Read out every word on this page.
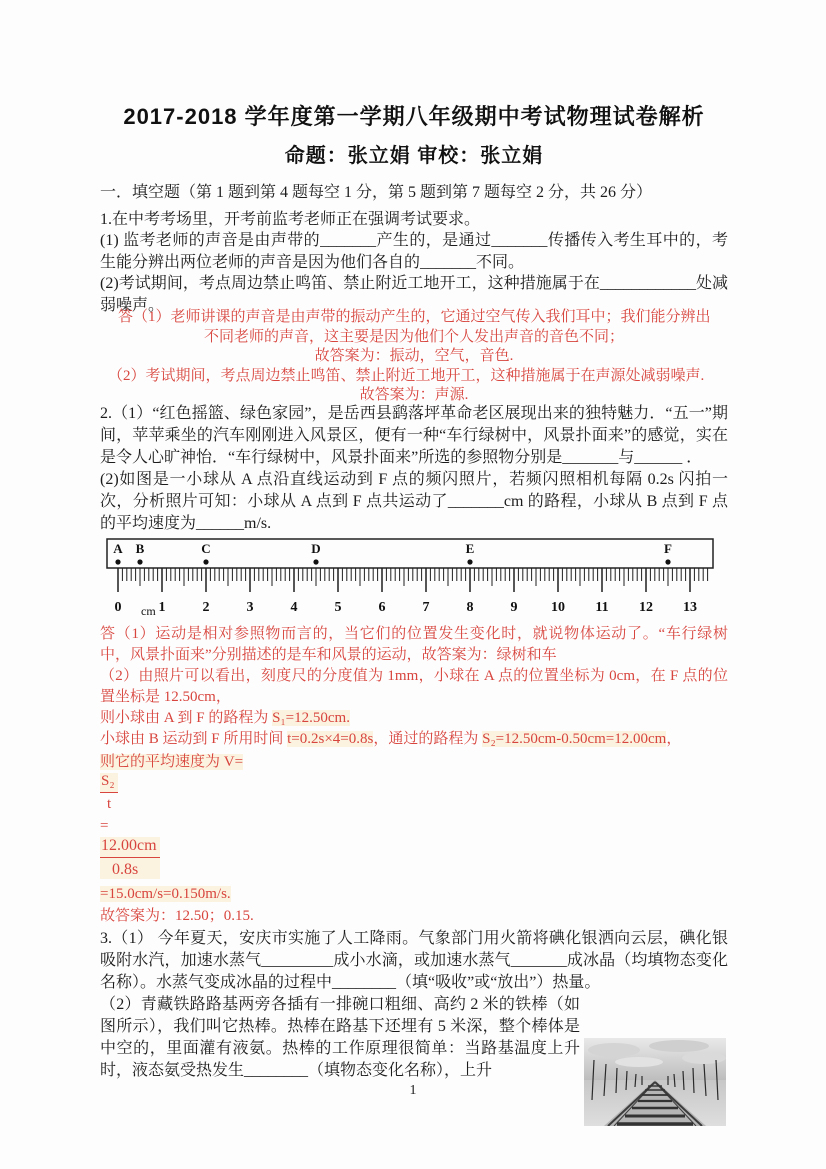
2017-2018 学年度第一学期八年级期中考试物理试卷解析
命题：张立娟 审校：张立娟
一．填空题（第 1 题到第 4 题每空 1 分，第 5 题到第 7 题每空 2 分，共 26 分）
1.在中考考场里，开考前监考老师正在强调考试要求。
(1) 监考老师的声音是由声带的_______产生的，是通过_______传播传入考生耳中的，考生能分辨出两位老师的声音是因为他们各自的_______不同。
(2)考试期间，考点周边禁止鸣笛、禁止附近工地开工，这种措施属于在____________处减弱噪声。
答（1）老师讲课的声音是由声带的振动产生的，它通过空气传入我们耳中；我们能分辨出
不同老师的声音，这主要是因为他们个人发出声音的音色不同；
故答案为：振动，空气，音色.
（2）考试期间，考点周边禁止鸣笛、禁止附近工地开工，这种措施属于在声源处减弱噪声.
故答案为：声源.
2.（1）“红色摇篮、绿色家园”，是岳西县鹞落坪革命老区展现出来的独特魅力．“五一”期间，苹苹乘坐的汽车刚刚进入风景区，便有一种“车行绿树中，风景扑面来”的感觉，实在是令人心旷神怡．“车行绿树中，风景扑面来”所选的参照物分别是_______与______ ．
(2)如图是一小球从 A 点沿直线运动到 F 点的频闪照片，若频闪照相机每隔 0.2s 闪拍一次，分析照片可知：小球从 A 点到 F 点共运动了_______cm 的路程，小球从 B 点到 F 点的平均速度为______m/s.
0	1	2	3	4	5	6	7	8	9 10 11 12 13
cm
A B	C	D	E	F
答（1）运动是相对参照物而言的，当它们的位置发生变化时，就说物体运动了。“车行绿树中，风景扑面来”分别描述的是车和风景的运动，故答案为：绿树和车
（2）由照片可以看出，刻度尺的分度值为 1mm，小球在 A 点的位置坐标为 0cm，在 F 点的位置坐标是 12.50cm，
则小球由 A 到 F 的路程为 S₁=12.50cm.
小球由 B 运动到 F 所用时间 t=0.2s×4=0.8s，通过的路程为 S₂=12.50cm-0.50cm=12.00cm，
则它的平均速度为 V=
$\frac{\text{S₂}}{t}$
=
$\frac{12.00cm}{0.8s}$
=15.0cm/s=0.150m/s.
故答案为：12.50；0.15.
3.（1） 今年夏天，安庆市实施了人工降雨。气象部门用火箭将碘化银洒向云层，碘化银吸附水汽，加速水蒸气_________成小水滴，或加速水蒸气_______成冰晶（均填物态变化名称）。水蒸气变成冰晶的过程中________（填“吸收”或“放出”）热量。
（2）青藏铁路路基两旁各插有一排碗口粗细、高约 2 米的铁棒（如图所示），我们叫它热棒。热棒在路基下还埋有 5 米深，整个棒体是中空的，里面灌有液氨。热棒的工作原理很简单：当路基温度上升时，液态氨受热发生________（填物态变化名称），上升
1
